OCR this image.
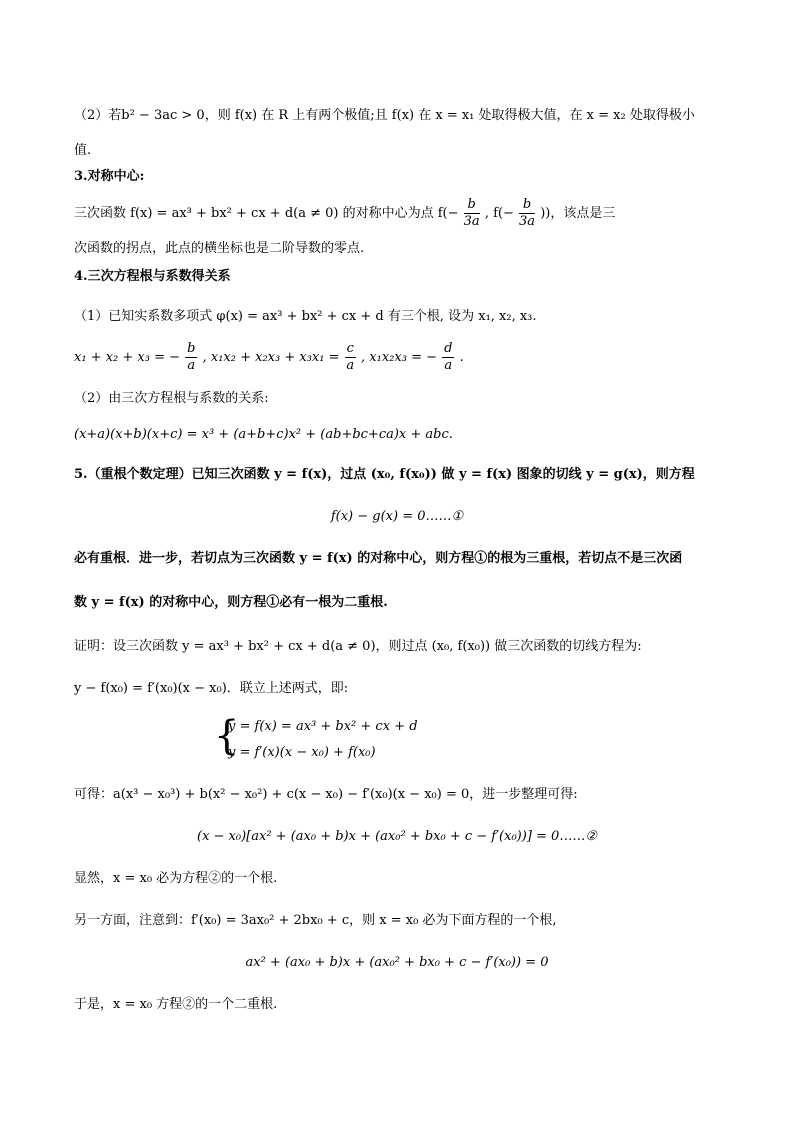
（2）若b² − 3ac > 0，则 f(x) 在 R 上有两个极值;且 f(x) 在 x = x₁ 处取得极大值，在 x = x₂ 处取得极小
值.
3.对称中心:
三次函数 f(x) = ax³ + bx² + cx + d(a ≠ 0) 的对称中心为点 $f(- \frac{b}{3a}$ , $f(- \frac{b}{3a}$ ))，该点是三
次函数的拐点，此点的横坐标也是二阶导数的零点.
4.三次方程根与系数得关系
（1）已知实系数多项式 φ(x) = ax³ + bx² + cx + d 有三个根, 设为 x₁, x₂, x₃.
x₁ + x₂ + x₃ = − $\frac{b}{a}$ , $x_1x_2 + x_2x_3 + x_3x_1 = \frac{c}{a}$ , x₁x₂x₃ = − $\frac{d}{a}$ .
（2）由三次方程根与系数的关系:
(x+a)(x+b)(x+c) = x³ + (a+b+c)x² + (ab+bc+ca)x + abc.
5.（重根个数定理）已知三次函数 y = f(x)，过点 (x₀, f(x₀)) 做 y = f(x) 图象的切线 y = g(x)，则方程
f(x) − g(x) = 0……①
必有重根．进一步，若切点为三次函数 y = f(x) 的对称中心，则方程①的根为三重根，若切点不是三次函
数 y = f(x) 的对称中心，则方程①必有一根为二重根.
证明：设三次函数 y = ax³ + bx² + cx + d(a ≠ 0)，则过点 (x₀, f(x₀)) 做三次函数的切线方程为:
y − f(x₀) = f′(x₀)(x − x₀)．联立上述两式，即:
{
y = f(x) = ax³ + bx² + cx + d
y = f′(x)(x − x₀) + f(x₀)
可得：a(x³ − x₀³) + b(x² − x₀²) + c(x − x₀) − f′(x₀)(x − x₀) = 0，进一步整理可得:
(x − x₀)[ax² + (ax₀ + b)x + (ax₀² + bx₀ + c − f′(x₀))] = 0……②
显然，x = x₀ 必为方程②的一个根.
另一方面，注意到：f′(x₀) = 3ax₀² + 2bx₀ + c，则 x = x₀ 必为下面方程的一个根,
ax² + (ax₀ + b)x + (ax₀² + bx₀ + c − f′(x₀)) = 0
于是，x = x₀ 方程②的一个二重根.
